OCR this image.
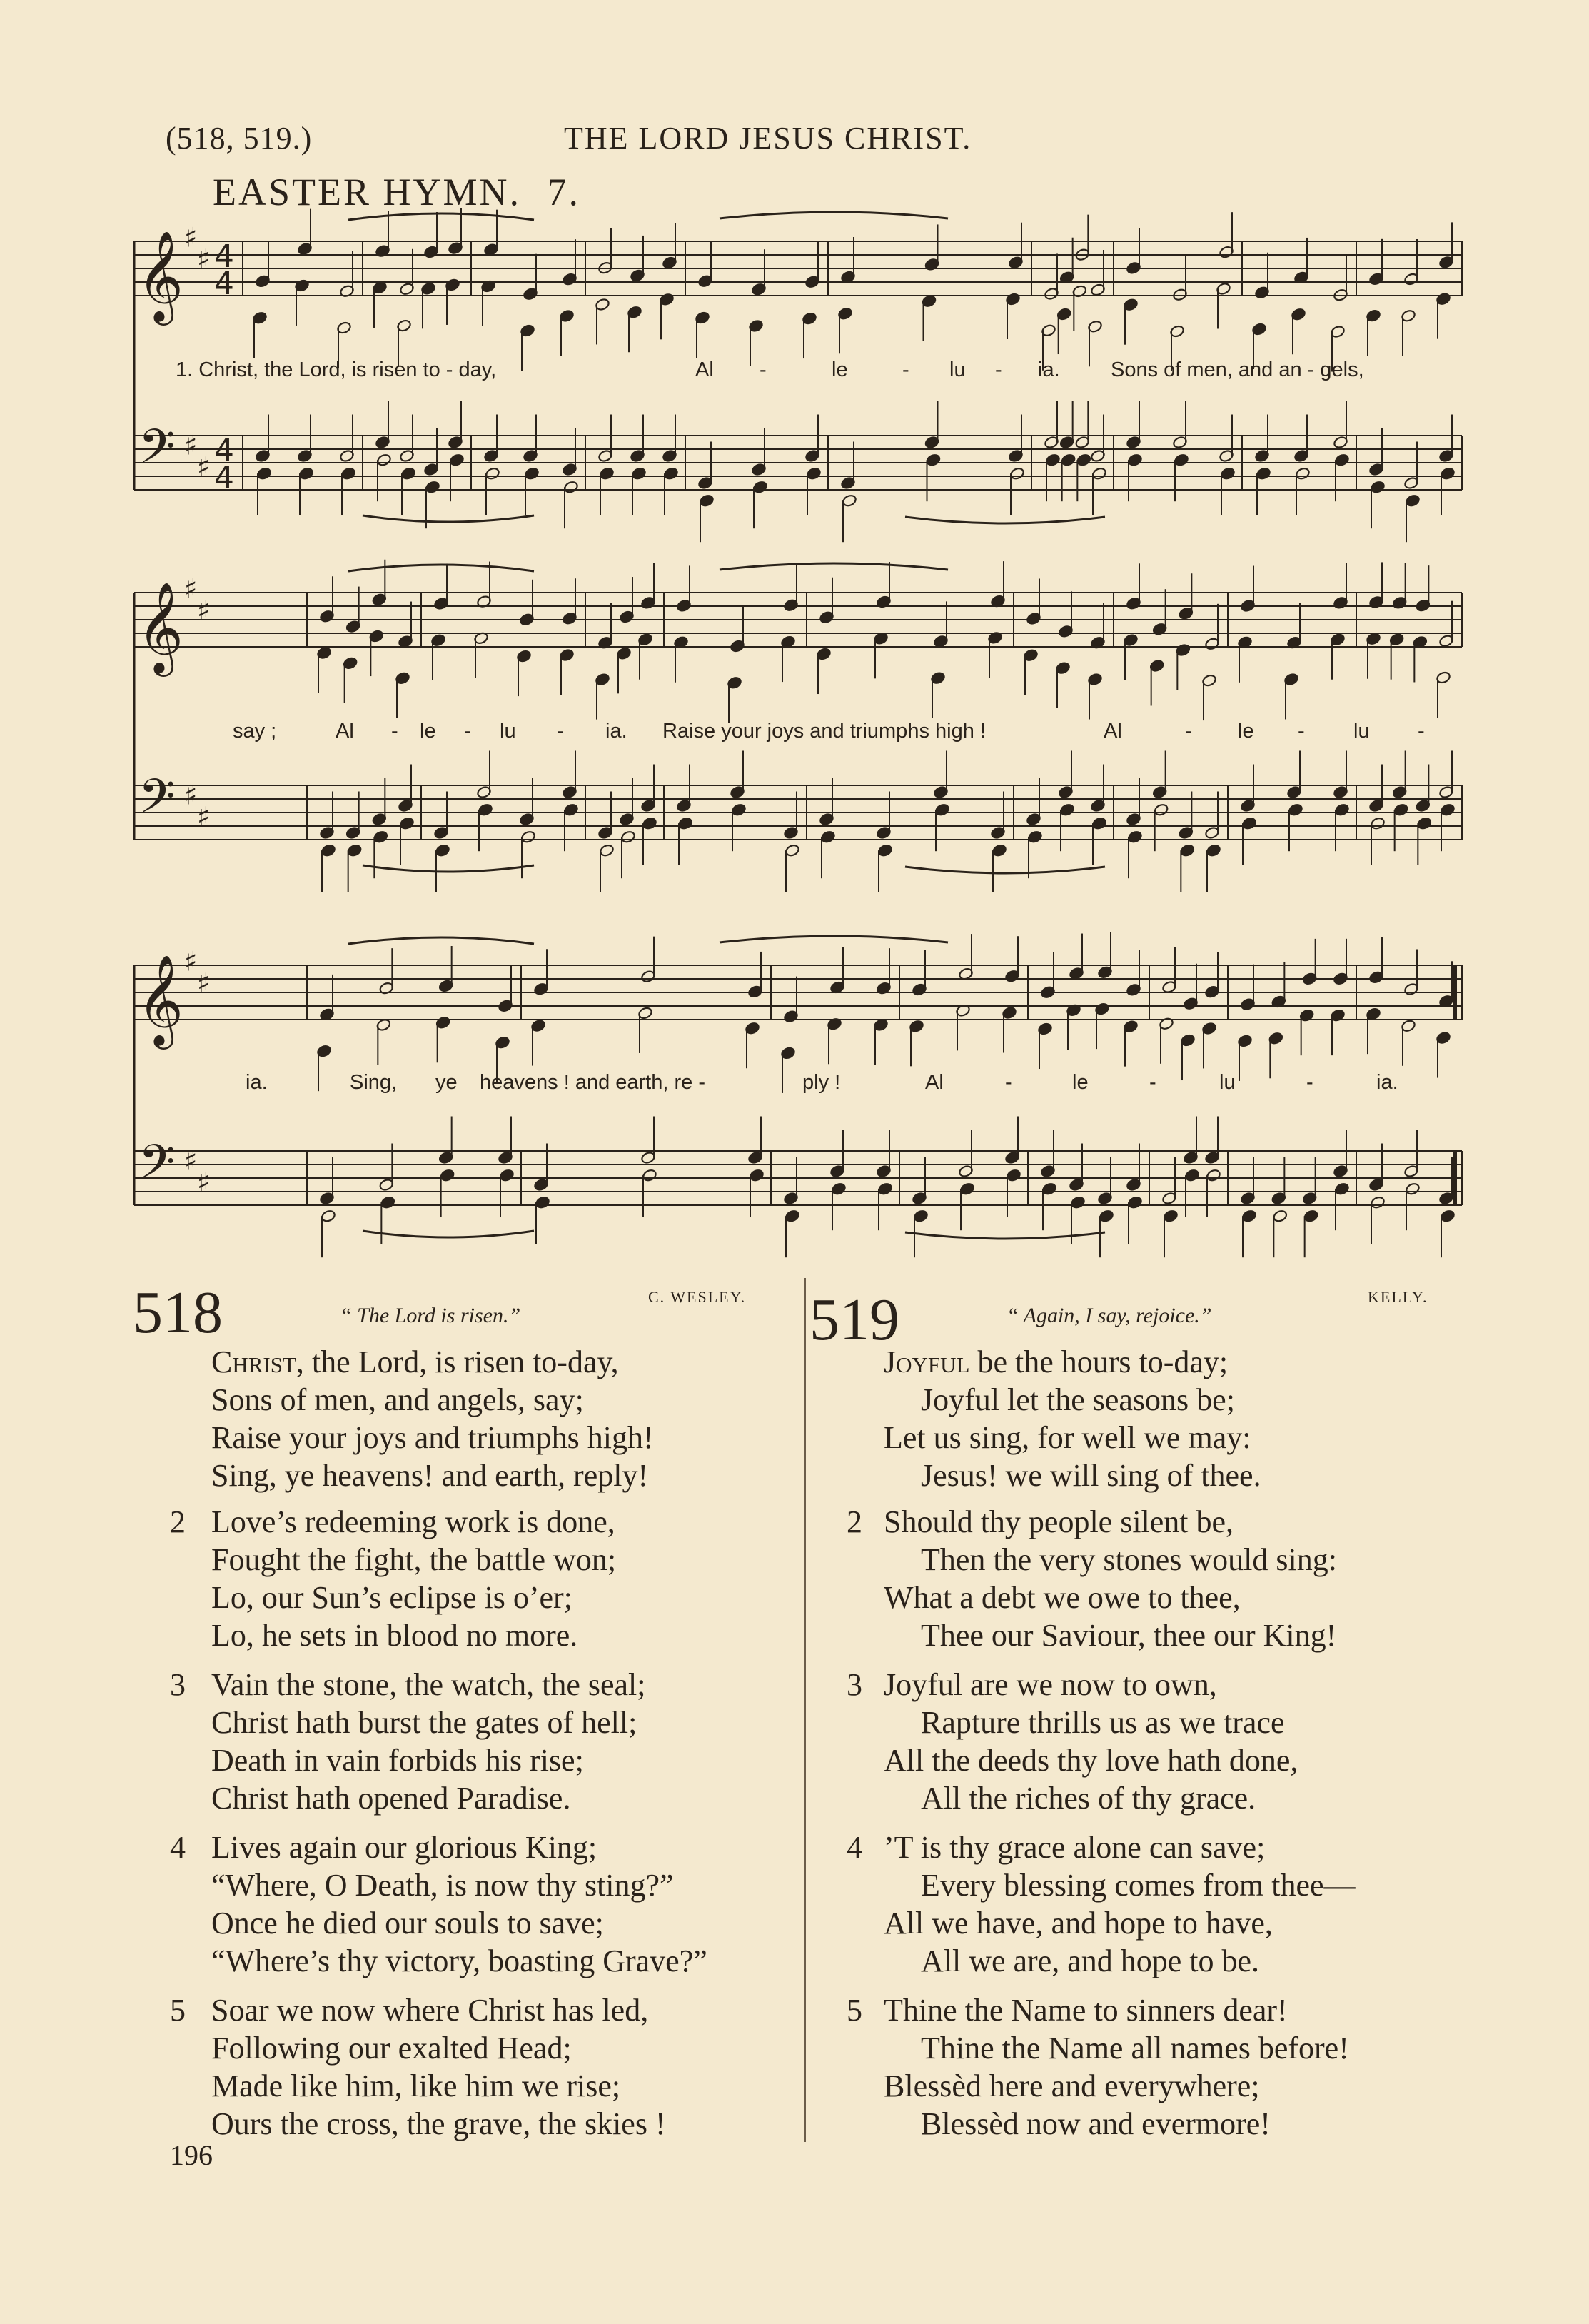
(518, 519.)	THE LORD JESUS CHRIST.
EASTER HYMN. 7.
𝄞
𝄢
♯
♯
♯
♯
4
4
4
4
𝄞
𝄢
♯
♯
♯
♯
𝄞
𝄢
♯
♯
♯
♯
1. Christ, the Lord, is risen to - day,	Al -	le	- lu - ia. Sons of men, and an - gels,
say ;	Al - le - lu - ia. Raise your joys and triumphs high !	Al	- le - lu -
ia.	Sing, ye heavens ! and earth, re -	ply !	Al	-	le	-	lu	-	ia.
518	C. WESLEY.
“ The Lord is risen.”
Christ, the Lord, is risen to-day,
Sons of men, and angels, say;
Raise your joys and triumphs high!
Sing, ye heavens! and earth, reply!
2 Love’s redeeming work is done,
Fought the fight, the battle won;
Lo, our Sun’s eclipse is o’er;
Lo, he sets in blood no more.
3 Vain the stone, the watch, the seal;
Christ hath burst the gates of hell;
Death in vain forbids his rise;
Christ hath opened Paradise.
4 Lives again our glorious King;
“Where, O Death, is now thy sting?”
Once he died our souls to save;
“Where’s thy victory, boasting Grave?”
5 Soar we now where Christ has led,
Following our exalted Head;
Made like him, like him we rise;
Ours the cross, the grave, the skies !
519	KELLY.
“ Again, I say, rejoice.”
Joyful be the hours to-day;
Joyful let the seasons be;
Let us sing, for well we may:
Jesus! we will sing of thee.
2 Should thy people silent be,
Then the very stones would sing:
What a debt we owe to thee,
Thee our Saviour, thee our King!
3 Joyful are we now to own,
Rapture thrills us as we trace
All the deeds thy love hath done,
All the riches of thy grace.
4 ’T is thy grace alone can save;
Every blessing comes from thee—
All we have, and hope to have,
All we are, and hope to be.
5 Thine the Name to sinners dear!
Thine the Name all names before!
Blessèd here and everywhere;
Blessèd now and evermore!
196
